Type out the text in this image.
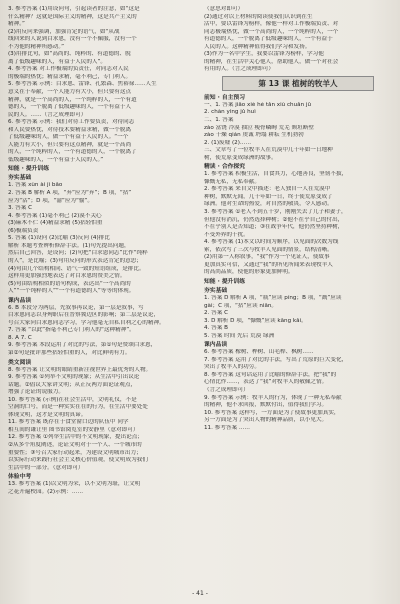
3. 参考答案 (1)用设问句，引起读者的注意，如“这是
什么精神？这就是国际主义的精神，这是共产主义的
精神。”
(2)用反问来强调，加强肯定的语气，如“从战
线回来的人说到白求恩，没有一个不佩服，没有一个
不为他的精神所感动。”
(3)用排比句，如“高尚的、纯粹的、有道德的、脱
离了低级趣味的人，有益于人民的人”。
4. 参考答案 对工作极端的负责任，对同志对人民
的极端的热忱；精益求精，毫不利己，专门利人。
5. 参考答案 示例：白求恩、雷锋、孔繁森、焦裕禄……人生
意义在于奉献，一个人能力有大小，但只要有这点
精神，就是一个高尚的人，一个纯粹的人，一个有道
德的人，一个脱离了低级趣味的人，一个有益于人
民的人。……（言之成理即可）
6. 参考答案 示例：我们对待工作要负责，对待同志
和人民要热忱，对待技术要精益求精，做一个脱离
了低级趣味的人，做一个有益于人民的人。“一个
人能力有大小，但只要有这点精神，就是一个高尚
的人，一个纯粹的人，一个有道德的人，一个脱离了
低级趣味的人，一个有益于人民的人。”
知能 · 提升训练
夯实基础
1. 答案 xùn ài jì bǎo
2. 答案 B 解析 A 项，“弃”应为“弃”；B 项，“拈”
应为“沾”；D 项，“渝”应为“愉”。
3. 答案 C
4. 参考答案 (1)毫不利己 (2)漠不关心
(3)麻木不仁 (4)精益求精 (5)拈轻怕重
(6)极端负责
5. 答案 (1)设问 (2)比喻 (3)反问 (4)排比
解析 本题考查辨析修辞手法。(1)句先提出问题，
然后自己回答，是设问；(2)句把“白求恩同志”比作“纯粹
的人”，是比喻；(3)句用反问的形式表达肯定的意思；
(4)句由几个结构相同、语气一致的短语组成，是排比。
这样用更加强烈地表达了对白求恩的赞美之情。
(5)句由结构相似的语句构成，表达出“一个高尚的
人”“一个纯粹的人”“一个有道德的人”等等的体现。
课内品读
6. B 本段分为两层，先叙事再议论，第一层是叙事，写
白求恩同志以身殉职后在晋察冀边区的影响；第二层是议论，
号召大家向白求恩同志学习，学习他毫无自私自利之心的精神。
7. 答案 “以此”指毫不利己专门利人的“这种精神”。
8. A 7. C
9. 参考答案 本段运用了对比的写法，第①句是赞颂白求恩，
第②句是批评那些拈轻怕重的人，对比鲜明有力。
类文阅读
8. 参考答案 让文明的眼睛重新注视世界上最优秀的人物。
9. 参考答案 ①列举不文明的现象；从生活中引出议论
话题。②倡议大家讲文明；从正反两方面论证观点，
增强了论证的说服力。
10. 参考答案 (示例)在社会生活中，文明礼仪，不是
空洞的口号，而是一种实实在在的行为，在生活中要处处
体现文明，这才是文明的真谛。
11. 参考答案 既存在于食堂窗口边的队伍中 同学
相互间的谦让里 图书馆阅览室的安静里（意对即可）
12. 参考答案 ①列举生活中的不文明现象，提出论点；
②从多个角度阐述，论证文明对于一个人、一个城市的
重要性；③号召大家行动起来，为建设文明城市出力；
以实际行动来践行社会主义核心价值观，使文明成为我们
生活中的一部分。（意对即可）
体验中考
13. 参考答案 (1)以文明为荣，以不文明为耻，让文明
之花开遍校园。(2)示例：……
（意思对即可）
(2)通过对以上材料的阅读使我们认识到在生
活中，要以雷锋为榜样，像他一样对工作极端负责、对
同志极端热忱，做一个高尚的人，一个纯粹的人，一个
有道德的人，一个脱离了低级趣味的人，一个有益于
人民的人。这种精神值得我们学习和发扬。
(3)作为一名中学生，我要以雷锋为榜样，学习他
的精神，在生活中关心他人，帮助他人，做一个对社会
有用的人。（言之成理即可）
第 13 课 植树的牧羊人
前知 · 自主预习
一、1. 答案 jiāo xiè hé tǎn xiù chuǎn jǔ
2. chàn yíng jǔ huì
二、1. 答案
zào 富饶 冷漠 抽泣 瘦骨嶙峋 荒芜 颓垣断壁
zào 干燥 qián 虔诚 坍塌 耕耘 生机勃勃
2. (1)废墟 (2)……
三、文章写了一位牧羊人在荒漠中几十年如一日地种
树，使荒原变成绿洲的故事。
精读 · 合作探究
1. 参考答案 积极生活，自食其力，心地善良，坚韧不拔，
慷慨无私，无私奉献。
2. 参考答案 来自文中描述：老人独自一人在荒漠中
种树，默默无闻，几十年如一日，终于使荒原变成了
绿洲。他对生命的热爱，对自然的敬畏，令人感动。
3. 参考答案 ①老人不到五十岁，刚刚失去了儿子和妻子，
但他没有消沉，仍然选择种树；②他不在乎自己的付出，
不在乎别人是否知道；③在战争年代，他仍然坚持种树，
不受外界的干扰。
4. 参考答案 (1)本文以时间为顺序，以见面的次数为线
索，依次写了三次与牧羊人见面的情景，结构清晰。
(2)用第一人称叙事，“我”作为一个见证人，使故事
更加真实可信，又通过“我”的所见所闻来表现牧羊人
的高尚品质，使他的形象更加鲜明。
知能 · 提升训练
夯实基础
1. 答案 D 解析 A 项，“瓶”应读 píng；B 项，“溉”应读
gài；C 项，“拈”应读 niān。
2. 答案 C
3. D 解析 D 项，“慷慨”应读 kāng kǎi。
4. 答案 B
5. 答案 时间 先后 荒漠 绿洲
课内品读
6. 参考答案 橡树、桦树、山毛榉、枫树……
7. 参考答案 运用了对比的手法，写出了荒原的巨大变化，
突出了牧羊人的功劳。
8. 参考答案 这句话运用了比喻的修辞手法，把“我”的
心情比作……，表达了“我”对牧羊人的敬佩之情。
（言之成理即可）
9. 参考答案 示例：牧羊人的行为，体现了一种无私奉献
的精神，他不求回报，默默付出，值得我们学习。
10. 参考答案 这样写，一方面是为了使故事更加真实，
另一方面是为了突出人物的精神品质，以小见大。
11. 参考答案 ……
- 41 -
